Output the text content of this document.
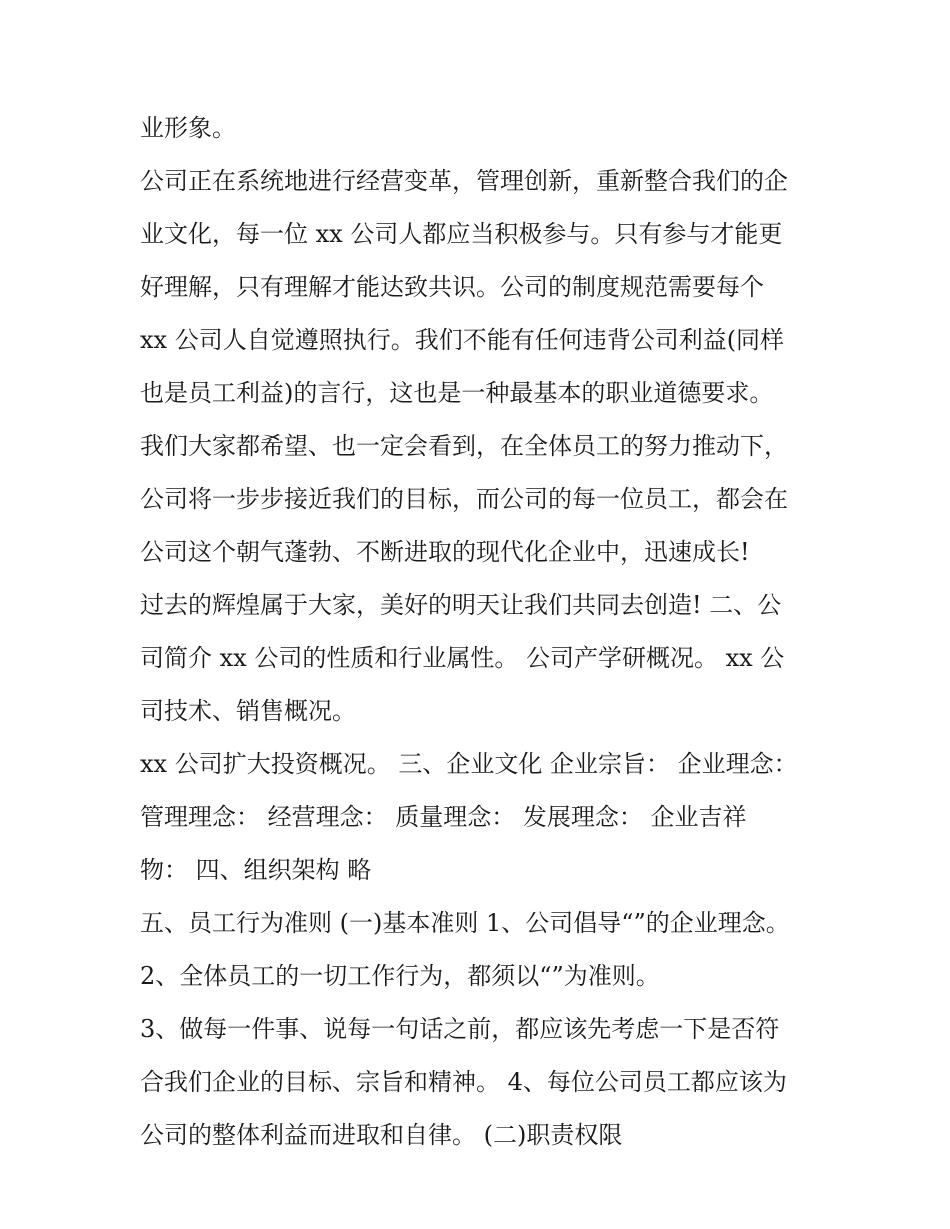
业形象。

公司正在系统地进行经营变革，管理创新，重新整合我们的企

业文化，每一位 xx 公司人都应当积极参与。只有参与才能更

好理解，只有理解才能达致共识。公司的制度规范需要每个

xx 公司人自觉遵照执行。我们不能有任何违背公司利益(同样

也是员工利益)的言行，这也是一种最基本的职业道德要求。

我们大家都希望、也一定会看到，在全体员工的努力推动下，

公司将一步步接近我们的目标，而公司的每一位员工，都会在

公司这个朝气蓬勃、不断进取的现代化企业中，迅速成长!

过去的辉煌属于大家，美好的明天让我们共同去创造! 二、公

司简介 xx 公司的性质和行业属性。 公司产学研概况。 xx 公

司技术、销售概况。

xx 公司扩大投资概况。 三、企业文化 企业宗旨： 企业理念：

管理理念： 经营理念： 质量理念： 发展理念： 企业吉祥

物： 四、组织架构 略

五、员工行为准则 (一)基本准则 1、公司倡导“”的企业理念。

2、全体员工的一切工作行为，都须以“”为准则。

3、做每一件事、说每一句话之前，都应该先考虑一下是否符

合我们企业的目标、宗旨和精神。 4、每位公司员工都应该为

公司的整体利益而进取和自律。 (二)职责权限
